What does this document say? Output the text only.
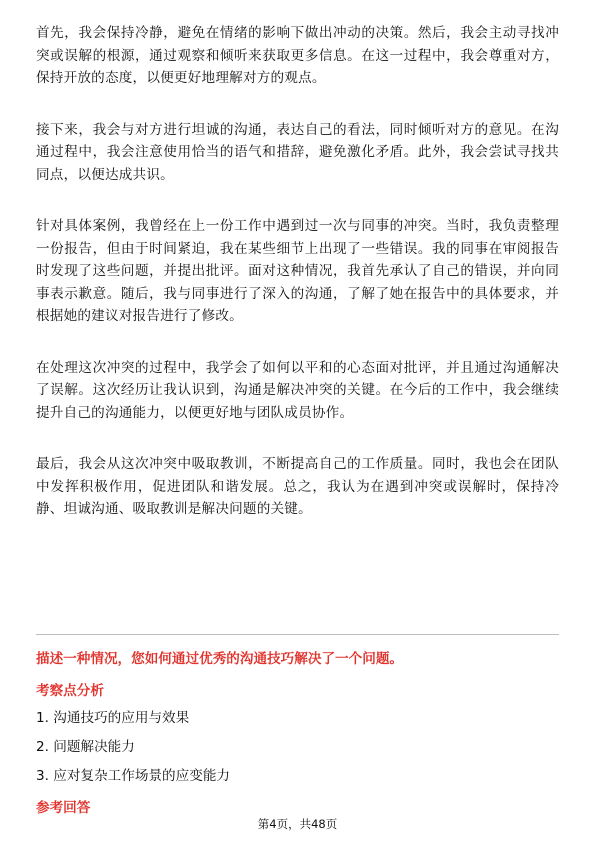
首先，我会保持冷静，避免在情绪的影响下做出冲动的决策。然后，我会主动寻找冲突或误解的根源，通过观察和倾听来获取更多信息。在这一过程中，我会尊重对方，保持开放的态度，以便更好地理解对方的观点。

接下来，我会与对方进行坦诚的沟通，表达自己的看法，同时倾听对方的意见。在沟通过程中，我会注意使用恰当的语气和措辞，避免激化矛盾。此外，我会尝试寻找共同点，以便达成共识。

针对具体案例，我曾经在上一份工作中遇到过一次与同事的冲突。当时，我负责整理一份报告，但由于时间紧迫，我在某些细节上出现了一些错误。我的同事在审阅报告时发现了这些问题，并提出批评。面对这种情况，我首先承认了自己的错误，并向同事表示歉意。随后，我与同事进行了深入的沟通，了解了她在报告中的具体要求，并根据她的建议对报告进行了修改。

在处理这次冲突的过程中，我学会了如何以平和的心态面对批评，并且通过沟通解决了误解。这次经历让我认识到，沟通是解决冲突的关键。在今后的工作中，我会继续提升自己的沟通能力，以便更好地与团队成员协作。

最后，我会从这次冲突中吸取教训，不断提高自己的工作质量。同时，我也会在团队中发挥积极作用，促进团队和谐发展。总之，我认为在遇到冲突或误解时，保持冷静、坦诚沟通、吸取教训是解决问题的关键。

描述一种情况，您如何通过优秀的沟通技巧解决了一个问题。
考察点分析
1. 沟通技巧的应用与效果
2. 问题解决能力
3. 应对复杂工作场景的应变能力
参考回答
第4页，共48页
